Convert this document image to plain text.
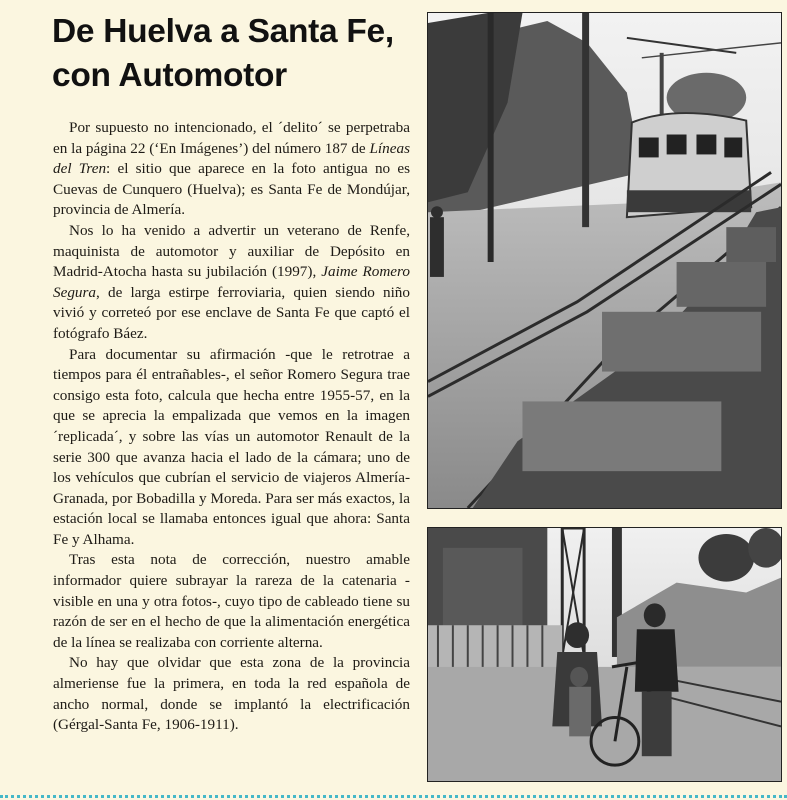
De Huelva a Santa Fe, con Automotor

Por supuesto no intencionado, el ´delito´ se perpetraba en la página 22 (‘En Imágenes’) del número 187 de Líneas del Tren: el sitio que aparece en la foto antigua no es Cuevas de Cunquero (Huelva); es Santa Fe de Mondújar, provincia de Almería.

Nos lo ha venido a advertir un veterano de Renfe, maquinista de automotor y auxiliar de Depósito en Madrid-Atocha hasta su jubilación (1997), Jaime Romero Segura, de larga estirpe ferroviaria, quien siendo niño vivió y correteó por ese enclave de Santa Fe que captó el fotógrafo Báez.

Para documentar su afirmación -que le retrotrae a tiempos para él entrañables-, el señor Romero Segura trae consigo esta foto, calcula que hecha entre 1955-57, en la que se aprecia la empalizada que vemos en la imagen ´replicada´, y sobre las vías un automotor Renault de la serie 300 que avanza hacia el lado de la cámara; uno de los vehículos que cubrían el servicio de viajeros Almería-Granada, por Bobadilla y Moreda. Para ser más exactos, la estación local se llamaba entonces igual que ahora: Santa Fe y Alhama.

Tras esta nota de corrección, nuestro amable informador quiere subrayar la rareza de la catenaria -visible en una y otra fotos-, cuyo tipo de cableado tiene su razón de ser en el hecho de que la alimentación energética de la línea se realizaba con corriente alterna.

No hay que olvidar que esta zona de la provincia almeriense fue la primera, en toda la red española de ancho normal, donde se implantó la electrificación (Gérgal-Santa Fe, 1906-1911).
